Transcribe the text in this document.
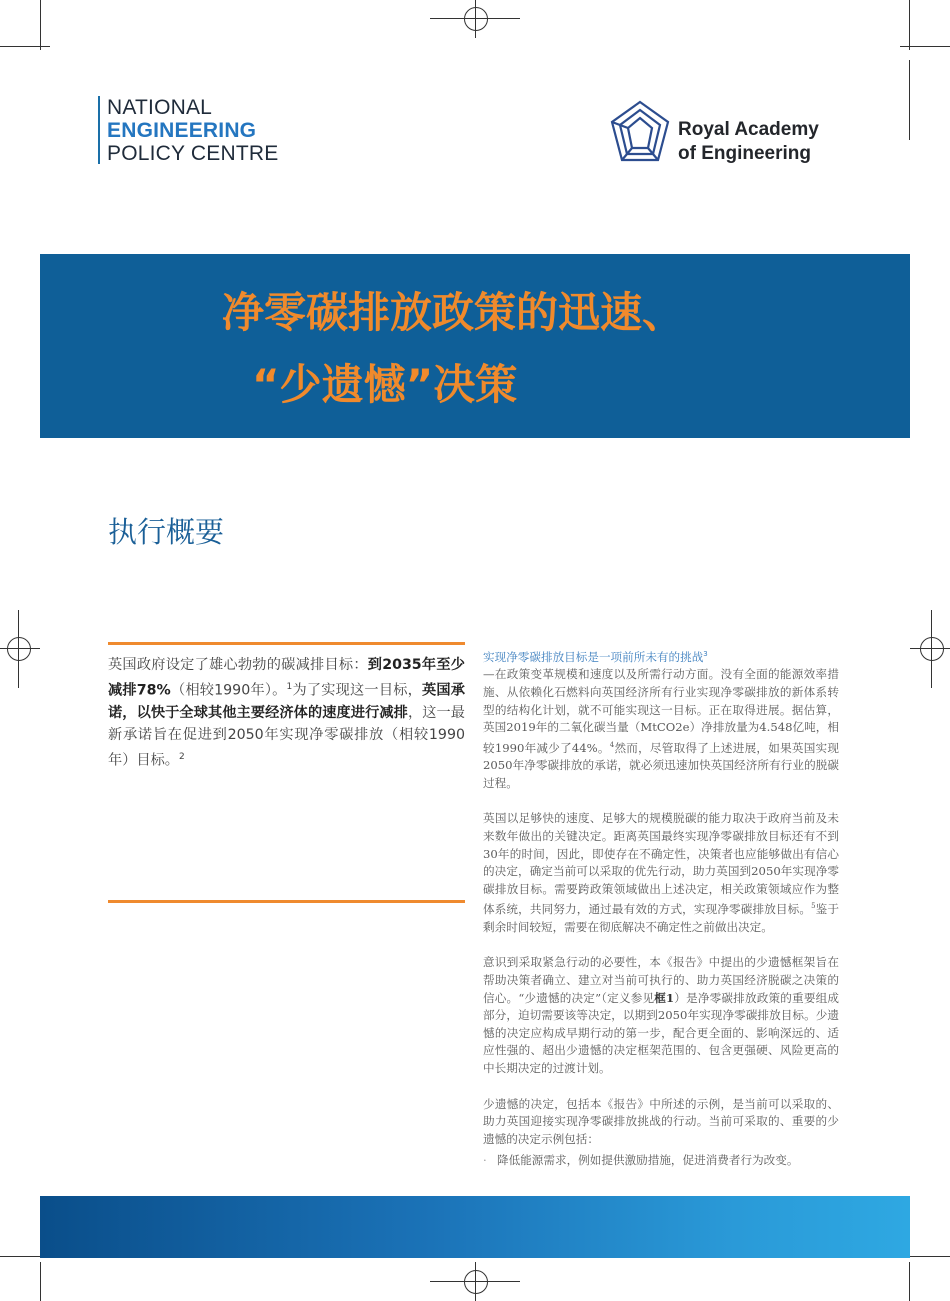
NATIONAL
ENGINEERING
POLICY CENTRE
Royal Academy
of Engineering
净零碳排放政策的迅速、
“少遗憾”决策
执行概要
英国政府设定了雄心勃勃的碳减排目标：到2035年至少减排78%（相较1990年）。$^1$为了实现这一目标，英国承诺，以快于全球其他主要经济体的速度进行减排，这一最新承诺旨在促进到2050年实现净零碳排放（相较1990年）目标。$^2$

实现净零碳排放目标是一项前所未有的挑战$^3$
—在政策变革规模和速度以及所需行动方面。没有全面的能源效率措施、从依赖化石燃料向英国经济所有行业实现净零碳排放的新体系转型的结构化计划，就不可能实现这一目标。正在取得进展。据估算，英国2019年的二氧化碳当量（MtCO2e）净排放量为4.548亿吨，相较1990年减少了44%。$^4$然而，尽管取得了上述进展，如果英国实现2050年净零碳排放的承诺，就必须迅速加快英国经济所有行业的脱碳过程。

英国以足够快的速度、足够大的规模脱碳的能力取决于政府当前及未来数年做出的关键决定。距离英国最终实现净零碳排放目标还有不到30年的时间，因此，即使存在不确定性，决策者也应能够做出有信心的决定，确定当前可以采取的优先行动，助力英国到2050年实现净零碳排放目标。需要跨政策领域做出上述决定，相关政策领域应作为整体系统，共同努力，通过最有效的方式，实现净零碳排放目标。$^5$鉴于剩余时间较短，需要在彻底解决不确定性之前做出决定。

意识到采取紧急行动的必要性，本《报告》中提出的少遗憾框架旨在帮助决策者确立、建立对当前可执行的、助力英国经济脱碳之决策的信心。“少遗憾的决定”（定义参见框1）是净零碳排放政策的重要组成部分，迫切需要该等决定，以期到2050年实现净零碳排放目标。少遗憾的决定应构成早期行动的第一步，配合更全面的、影响深远的、适应性强的、超出少遗憾的决定框架范围的、包含更强硬、风险更高的中长期决定的过渡计划。

少遗憾的决定，包括本《报告》中所述的示例，是当前可以采取的、助力英国迎接实现净零碳排放挑战的行动。当前可采取的、重要的少遗憾的决定示例包括：

· 降低能源需求，例如提供激励措施，促进消费者行为改变。
